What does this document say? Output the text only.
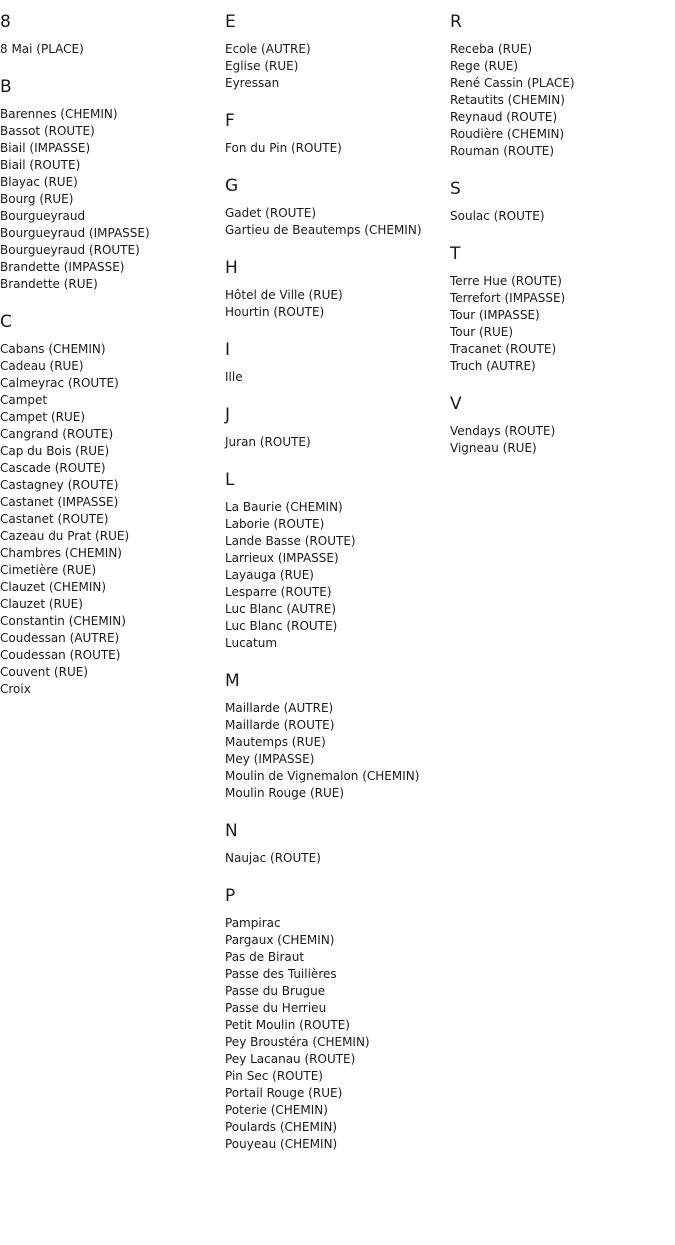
8
8 Mai (PLACE)
B
Barennes (CHEMIN)
Bassot (ROUTE)
Biail (IMPASSE)
Biail (ROUTE)
Blayac (RUE)
Bourg (RUE)
Bourgueyraud
Bourgueyraud (IMPASSE)
Bourgueyraud (ROUTE)
Brandette (IMPASSE)
Brandette (RUE)
C
Cabans (CHEMIN)
Cadeau (RUE)
Calmeyrac (ROUTE)
Campet
Campet (RUE)
Cangrand (ROUTE)
Cap du Bois (RUE)
Cascade (ROUTE)
Castagney (ROUTE)
Castanet (IMPASSE)
Castanet (ROUTE)
Cazeau du Prat (RUE)
Chambres (CHEMIN)
Cimetière (RUE)
Clauzet (CHEMIN)
Clauzet (RUE)
Constantin (CHEMIN)
Coudessan (AUTRE)
Coudessan (ROUTE)
Couvent (RUE)
Croix
E
Ecole (AUTRE)
Eglise (RUE)
Eyressan
F
Fon du Pin (ROUTE)
G
Gadet (ROUTE)
Gartieu de Beautemps (CHEMIN)
H
Hôtel de Ville (RUE)
Hourtin (ROUTE)
I
Ille
J
Juran (ROUTE)
L
La Baurie (CHEMIN)
Laborie (ROUTE)
Lande Basse (ROUTE)
Larrieux (IMPASSE)
Layauga (RUE)
Lesparre (ROUTE)
Luc Blanc (AUTRE)
Luc Blanc (ROUTE)
Lucatum
M
Maillarde (AUTRE)
Maillarde (ROUTE)
Mautemps (RUE)
Mey (IMPASSE)
Moulin de Vignemalon (CHEMIN)
Moulin Rouge (RUE)
N
Naujac (ROUTE)
P
Pampirac
Pargaux (CHEMIN)
Pas de Biraut
Passe des Tuilières
Passe du Brugue
Passe du Herrieu
Petit Moulin (ROUTE)
Pey Broustéra (CHEMIN)
Pey Lacanau (ROUTE)
Pin Sec (ROUTE)
Portail Rouge (RUE)
Poterie (CHEMIN)
Poulards (CHEMIN)
Pouyeau (CHEMIN)
R
Receba (RUE)
Rege (RUE)
René Cassin (PLACE)
Retautits (CHEMIN)
Reynaud (ROUTE)
Roudière (CHEMIN)
Rouman (ROUTE)
S
Soulac (ROUTE)
T
Terre Hue (ROUTE)
Terrefort (IMPASSE)
Tour (IMPASSE)
Tour (RUE)
Tracanet (ROUTE)
Truch (AUTRE)
V
Vendays (ROUTE)
Vigneau (RUE)
